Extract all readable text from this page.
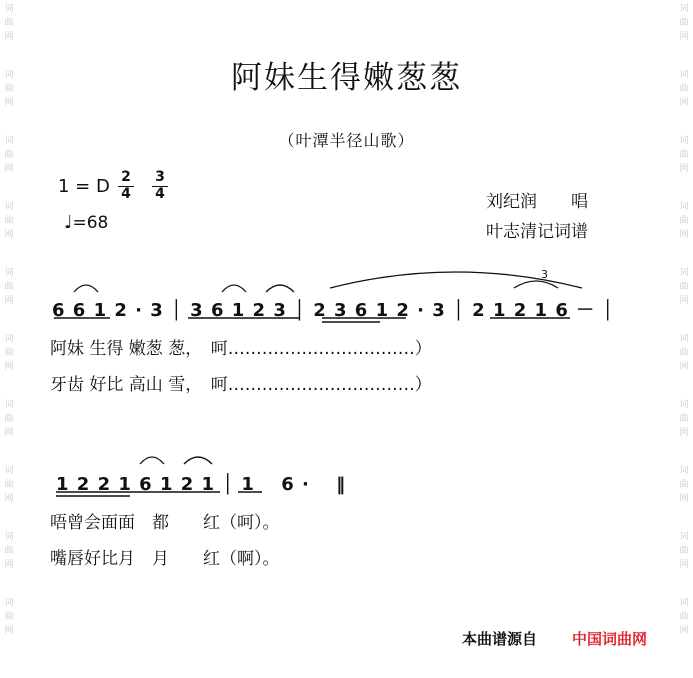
词
曲
网
词
曲
网
词
曲
网
词
曲
网
词
曲
网
词
曲
网
词
曲
网
词
曲
网
词
曲
网
词
曲
网
词
曲
网
词
曲
网
词
曲
网
词
曲
网
词
曲
网
词
曲
网
词
曲
网
词
曲
网
词
曲
网
词
曲
网
阿妹生得嫩葱葱
（叶潭半径山歌）
1 = D $\frac{2}{4} \frac{3}{4}$
♩=68
刘纪润　　唱
叶志清记词谱
6 6 1 2 · 3 │ 3 6 1 2 3 │ 2 3 6 1 2 · 3 │ 2 1 2 1 6 － │
阿妹 生得 嫩葱 葱，　呵……………………………）
牙齿 好比 高山 雪，　呵……………………………）
3
1 2 2 1 6 1 2 1 │ 1　 6 ·　 ‖
唔曾会面面　都　　红（呵）。
嘴唇好比月　月　　红（啊）。
本曲谱源自 中国词曲网
